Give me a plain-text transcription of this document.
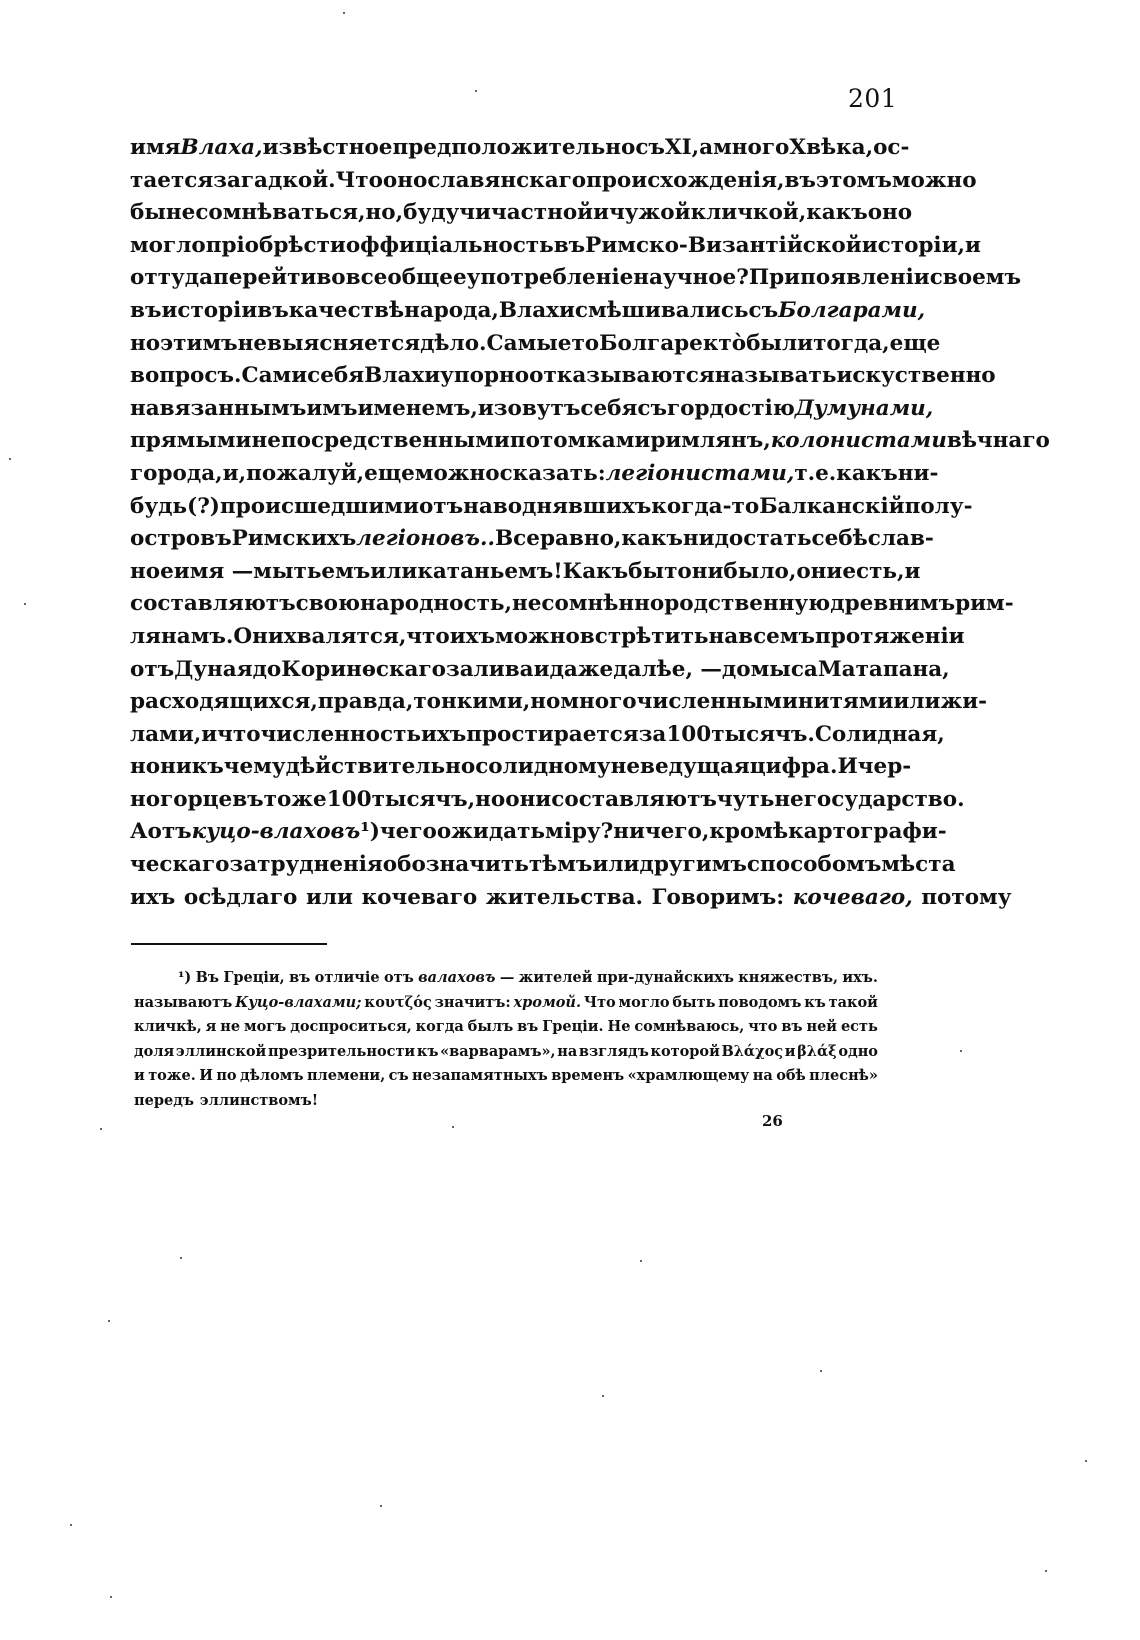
201
имя Влаха, извѣстное предположительно съ XI, а много X вѣка, ос-
тается загадкой. Что оно славянскаго происхожденія, въ этомъ можно
бы не сомнѣваться, но, будучи частной и чужой кличкой, какъ оно
могло пріобрѣсти оффиціальность въ Римско-Византійской исторіи, и
оттуда перейти во всеобщее употребленіе научное? При появленіи своемъ
въ исторіи въ качествѣ народа, Влахи смѣшивались съ Болгарами,
но этимъ не выясняется дѣло. Самые то Болгаре ктò были тогда, еще
вопросъ. Сами себя Влахи упорно отказываются называть искуственно
навязаннымъ имъ именемъ, и зовутъ себя съ гордостію Думунами,
прямыми непосредственными потомками римлянъ, колонистами вѣчнаго
города, и, пожалуй, еще можно сказать: легіонистами, т. е. какъ ни-
будь (?) происшедшими отъ наводнявшихъ когда-то Балканскій полу-
островъ Римскихъ легіоновъ.. Все равно, какъ ни достать себѣ слав-
ное имя — мытьемъ или катаньемъ! Какъ бы то нибыло, они есть, и
составляютъ свою народность, несомнѣнно родственную древнимъ рим-
лянамъ. Они хвалятся, что ихъ можно встрѣтить на всемъ протяженіи
отъ Дуная до Коринѳскаго залива и даже далѣе, — до мыса Матапана,
расходящихся, правда, тонкими, но многочисленными нитями или жи-
лами, и что численность ихъ простирается за 100 тысячъ. Солидная,
но ни къ чему дѣйствительно солидному не ведущая цифра. И чер-
ногорцевъ тоже 100 тысячъ, но они составляютъ чуть не государство.
А отъ куцо-влаховъ ¹) чего ожидать міру? ничего, кромѣ картографи-
ческаго затрудненія обозначить тѣмъ или другимъ способомъ мѣста
ихъ осѣдлаго или кочеваго жительства. Говоримъ: кочеваго, потому
¹) Въ Греціи, въ отличіе отъ валаховъ — жителей при-дунайскихъ княжествъ, ихъ.
называютъ Куцо-влахами; κουτζός значитъ: хромой. Что могло быть поводомъ къ такой
кличкѣ, я не могъ доспроситься, когда былъ въ Греціи. Не сомнѣваюсь, что въ ней есть
доля эллинской презрительности къ «варварамъ», на взглядъ которой Βλάχος и βλάξ одно
и тоже. И по дѣломъ племени, съ незапамятныхъ временъ «храмлющему на обѣ плеснѣ»
передъ эллинствомъ!
26
